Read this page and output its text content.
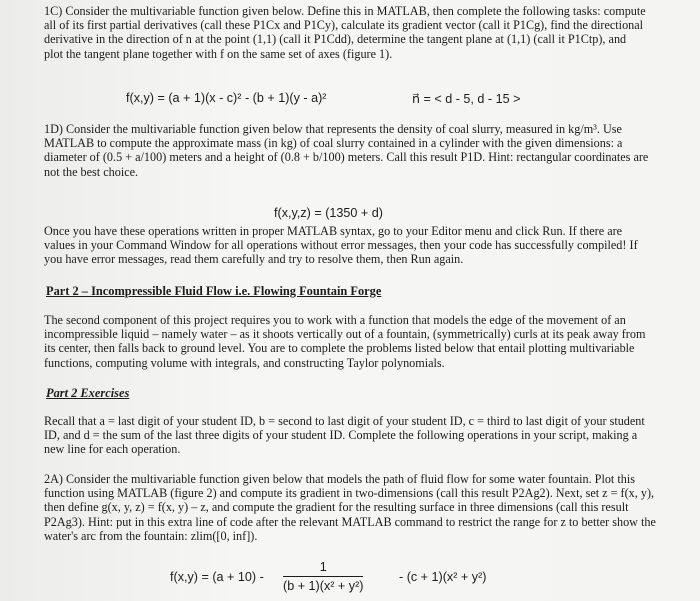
1C) Consider the multivariable function given below. Define this in MATLAB, then complete the following tasks: compute all of its first partial derivatives (call these P1Cx and P1Cy), calculate its gradient vector (call it P1Cg), find the directional derivative in the direction of n at the point (1,1) (call it P1Cdd), determine the tangent plane at (1,1) (call it P1Ctp), and plot the tangent plane together with f on the same set of axes (figure 1).

f(x,y) = (a + 1)(x - c)² - (b + 1)(y - a)²	n⃗ = < d - 5, d - 15 >

1D) Consider the multivariable function given below that represents the density of coal slurry, measured in kg/m³. Use MATLAB to compute the approximate mass (in kg) of coal slurry contained in a cylinder with the given dimensions: a diameter of (0.5 + a/100) meters and a height of (0.8 + b/100) meters. Call this result P1D. Hint: rectangular coordinates are not the best choice.

f(x,y,z) = (1350 + d)

Once you have these operations written in proper MATLAB syntax, go to your Editor menu and click Run. If there are values in your Command Window for all operations without error messages, then your code has successfully compiled! If you have error messages, read them carefully and try to resolve them, then Run again.

Part 2 – Incompressible Fluid Flow i.e. Flowing Fountain Forge

The second component of this project requires you to work with a function that models the edge of the movement of an incompressible liquid – namely water – as it shoots vertically out of a fountain, (symmetrically) curls at its peak away from its center, then falls back to ground level. You are to complete the problems listed below that entail plotting multivariable functions, computing volume with integrals, and constructing Taylor polynomials.

Part 2 Exercises

Recall that a = last digit of your student ID, b = second to last digit of your student ID, c = third to last digit of your student ID, and d = the sum of the last three digits of your student ID. Complete the following operations in your script, making a new line for each operation.

2A) Consider the multivariable function given below that models the path of fluid flow for some water fountain. Plot this function using MATLAB (figure 2) and compute its gradient in two-dimensions (call this result P2Ag2). Next, set z = f(x, y), then define g(x, y, z) = f(x, y) – z, and compute the gradient for the resulting surface in three dimensions (call this result P2Ag3). Hint: put in this extra line of code after the relevant MATLAB command to restrict the range for z to better show the water's arc from the fountain: zlim([0, inf]).

$f(x,y) = (a + 10) - \frac{1}{\text{(b + 1)(x² + y²)}}$	- (c + 1)(x² + y²)
